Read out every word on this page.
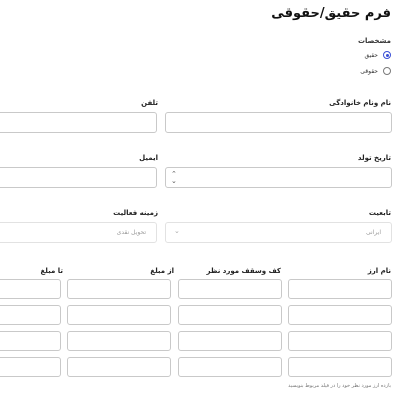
فرم حقیق/حقوقی
مشخصات
حقیق
حقوقی
نام ونام خانوادگی
تلفن
تاریخ تولد
⌃
⌄
ایمیل
تابعیت
ایرانی
⌄
زمینه فعالیت
تحویل نقدی
نام ارز
کف وسقف مورد نظر
از مبلغ
تا مبلغ
بازده ارز مورد نظر خود را در فیلد مربوط بنویسید
